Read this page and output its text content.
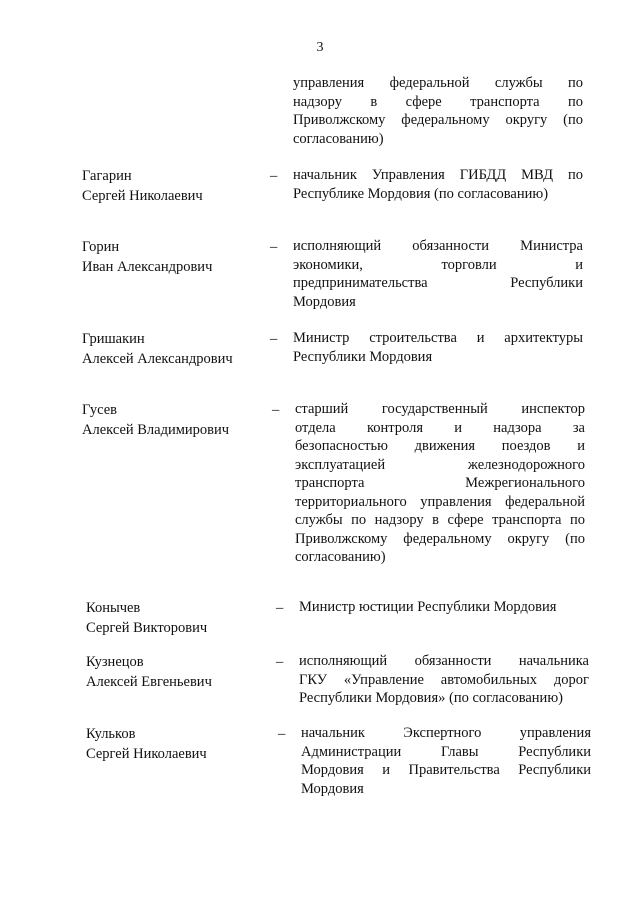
3
управления федеральной службы по
надзору в сфере транспорта по
Приволжскому федеральному округу (по
согласованию)
Гагарин
Сергей Николаевич
– начальник Управления ГИБДД МВД по
Республике Мордовия (по согласованию)
Горин
Иван Александрович
– исполняющий обязанности Министра
экономики, торговли и
предпринимательства Республики
Мордовия
Гришакин
Алексей Александрович
– Министр строительства и архитектуры
Республики Мордовия
Гусев
Алексей Владимирович
– старший государственный инспектор
отдела контроля и надзора за
безопасностью движения поездов и
эксплуатацией железнодорожного
транспорта Межрегионального
территориального управления федеральной
службы по надзору в сфере транспорта по
Приволжскому федеральному округу (по
согласованию)
Конычев
Сергей Викторович
– Министр юстиции Республики Мордовия
Кузнецов
Алексей Евгеньевич
– исполняющий обязанности начальника
ГКУ «Управление автомобильных дорог
Республики Мордовия» (по согласованию)
Кульков
Сергей Николаевич
– начальник Экспертного управления
Администрации Главы Республики
Мордовия и Правительства Республики
Мордовия
